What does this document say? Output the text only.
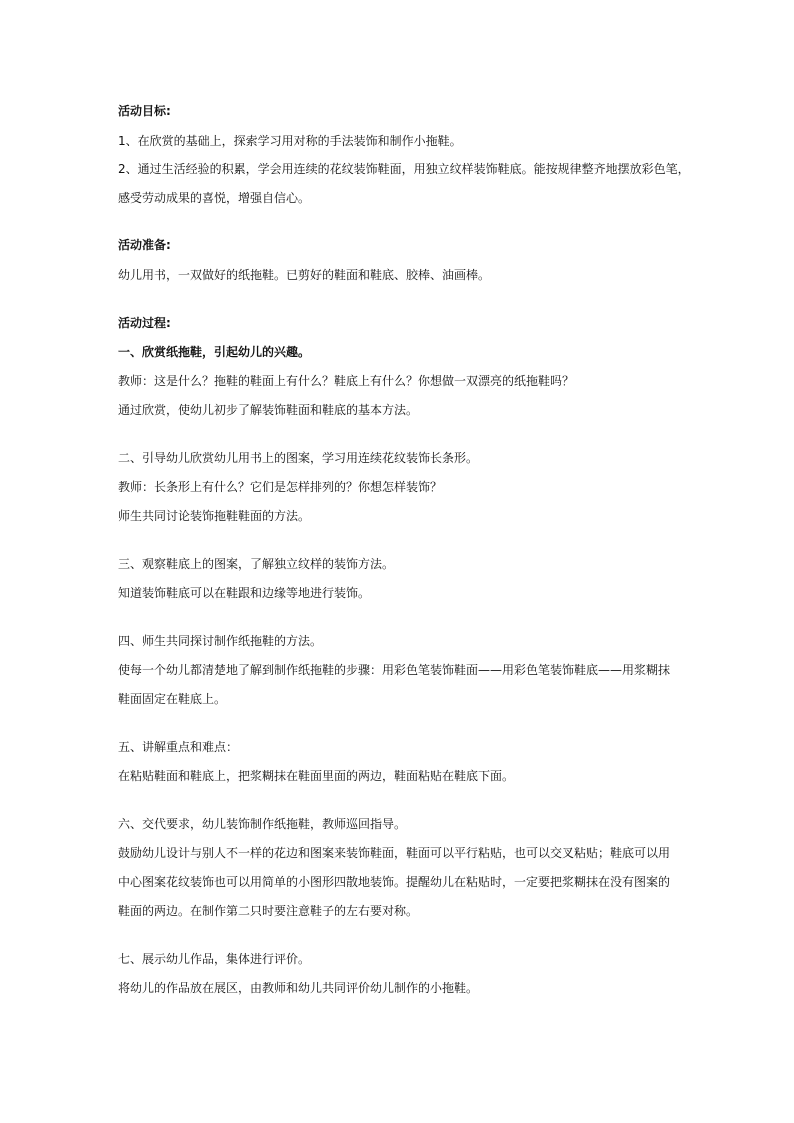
活动目标:
1、在欣赏的基础上，探索学习用对称的手法装饰和制作小拖鞋。
2、通过生活经验的积累，学会用连续的花纹装饰鞋面，用独立纹样装饰鞋底。能按规律整齐地摆放彩色笔，
感受劳动成果的喜悦，增强自信心。
活动准备:
幼儿用书，一双做好的纸拖鞋。已剪好的鞋面和鞋底、胶棒、油画棒。
活动过程:
一、欣赏纸拖鞋，引起幼儿的兴趣。
教师：这是什么？拖鞋的鞋面上有什么？鞋底上有什么？你想做一双漂亮的纸拖鞋吗？
通过欣赏，使幼儿初步了解装饰鞋面和鞋底的基本方法。
二、引导幼儿欣赏幼儿用书上的图案，学习用连续花纹装饰长条形。
教师：长条形上有什么？它们是怎样排列的？你想怎样装饰？
师生共同讨论装饰拖鞋鞋面的方法。
三、观察鞋底上的图案，了解独立纹样的装饰方法。
知道装饰鞋底可以在鞋跟和边缘等地进行装饰。
四、师生共同探讨制作纸拖鞋的方法。
使每一个幼儿都清楚地了解到制作纸拖鞋的步骤：用彩色笔装饰鞋面——用彩色笔装饰鞋底——用浆糊抹
鞋面固定在鞋底上。
五、讲解重点和难点：
在粘贴鞋面和鞋底上，把浆糊抹在鞋面里面的两边，鞋面粘贴在鞋底下面。
六、交代要求，幼儿装饰制作纸拖鞋，教师巡回指导。
鼓励幼儿设计与别人不一样的花边和图案来装饰鞋面，鞋面可以平行粘贴，也可以交叉粘贴；鞋底可以用
中心图案花纹装饰也可以用简单的小图形四散地装饰。提醒幼儿在粘贴时，一定要把浆糊抹在没有图案的
鞋面的两边。在制作第二只时要注意鞋子的左右要对称。
七、展示幼儿作品，集体进行评价。
将幼儿的作品放在展区，由教师和幼儿共同评价幼儿制作的小拖鞋。
